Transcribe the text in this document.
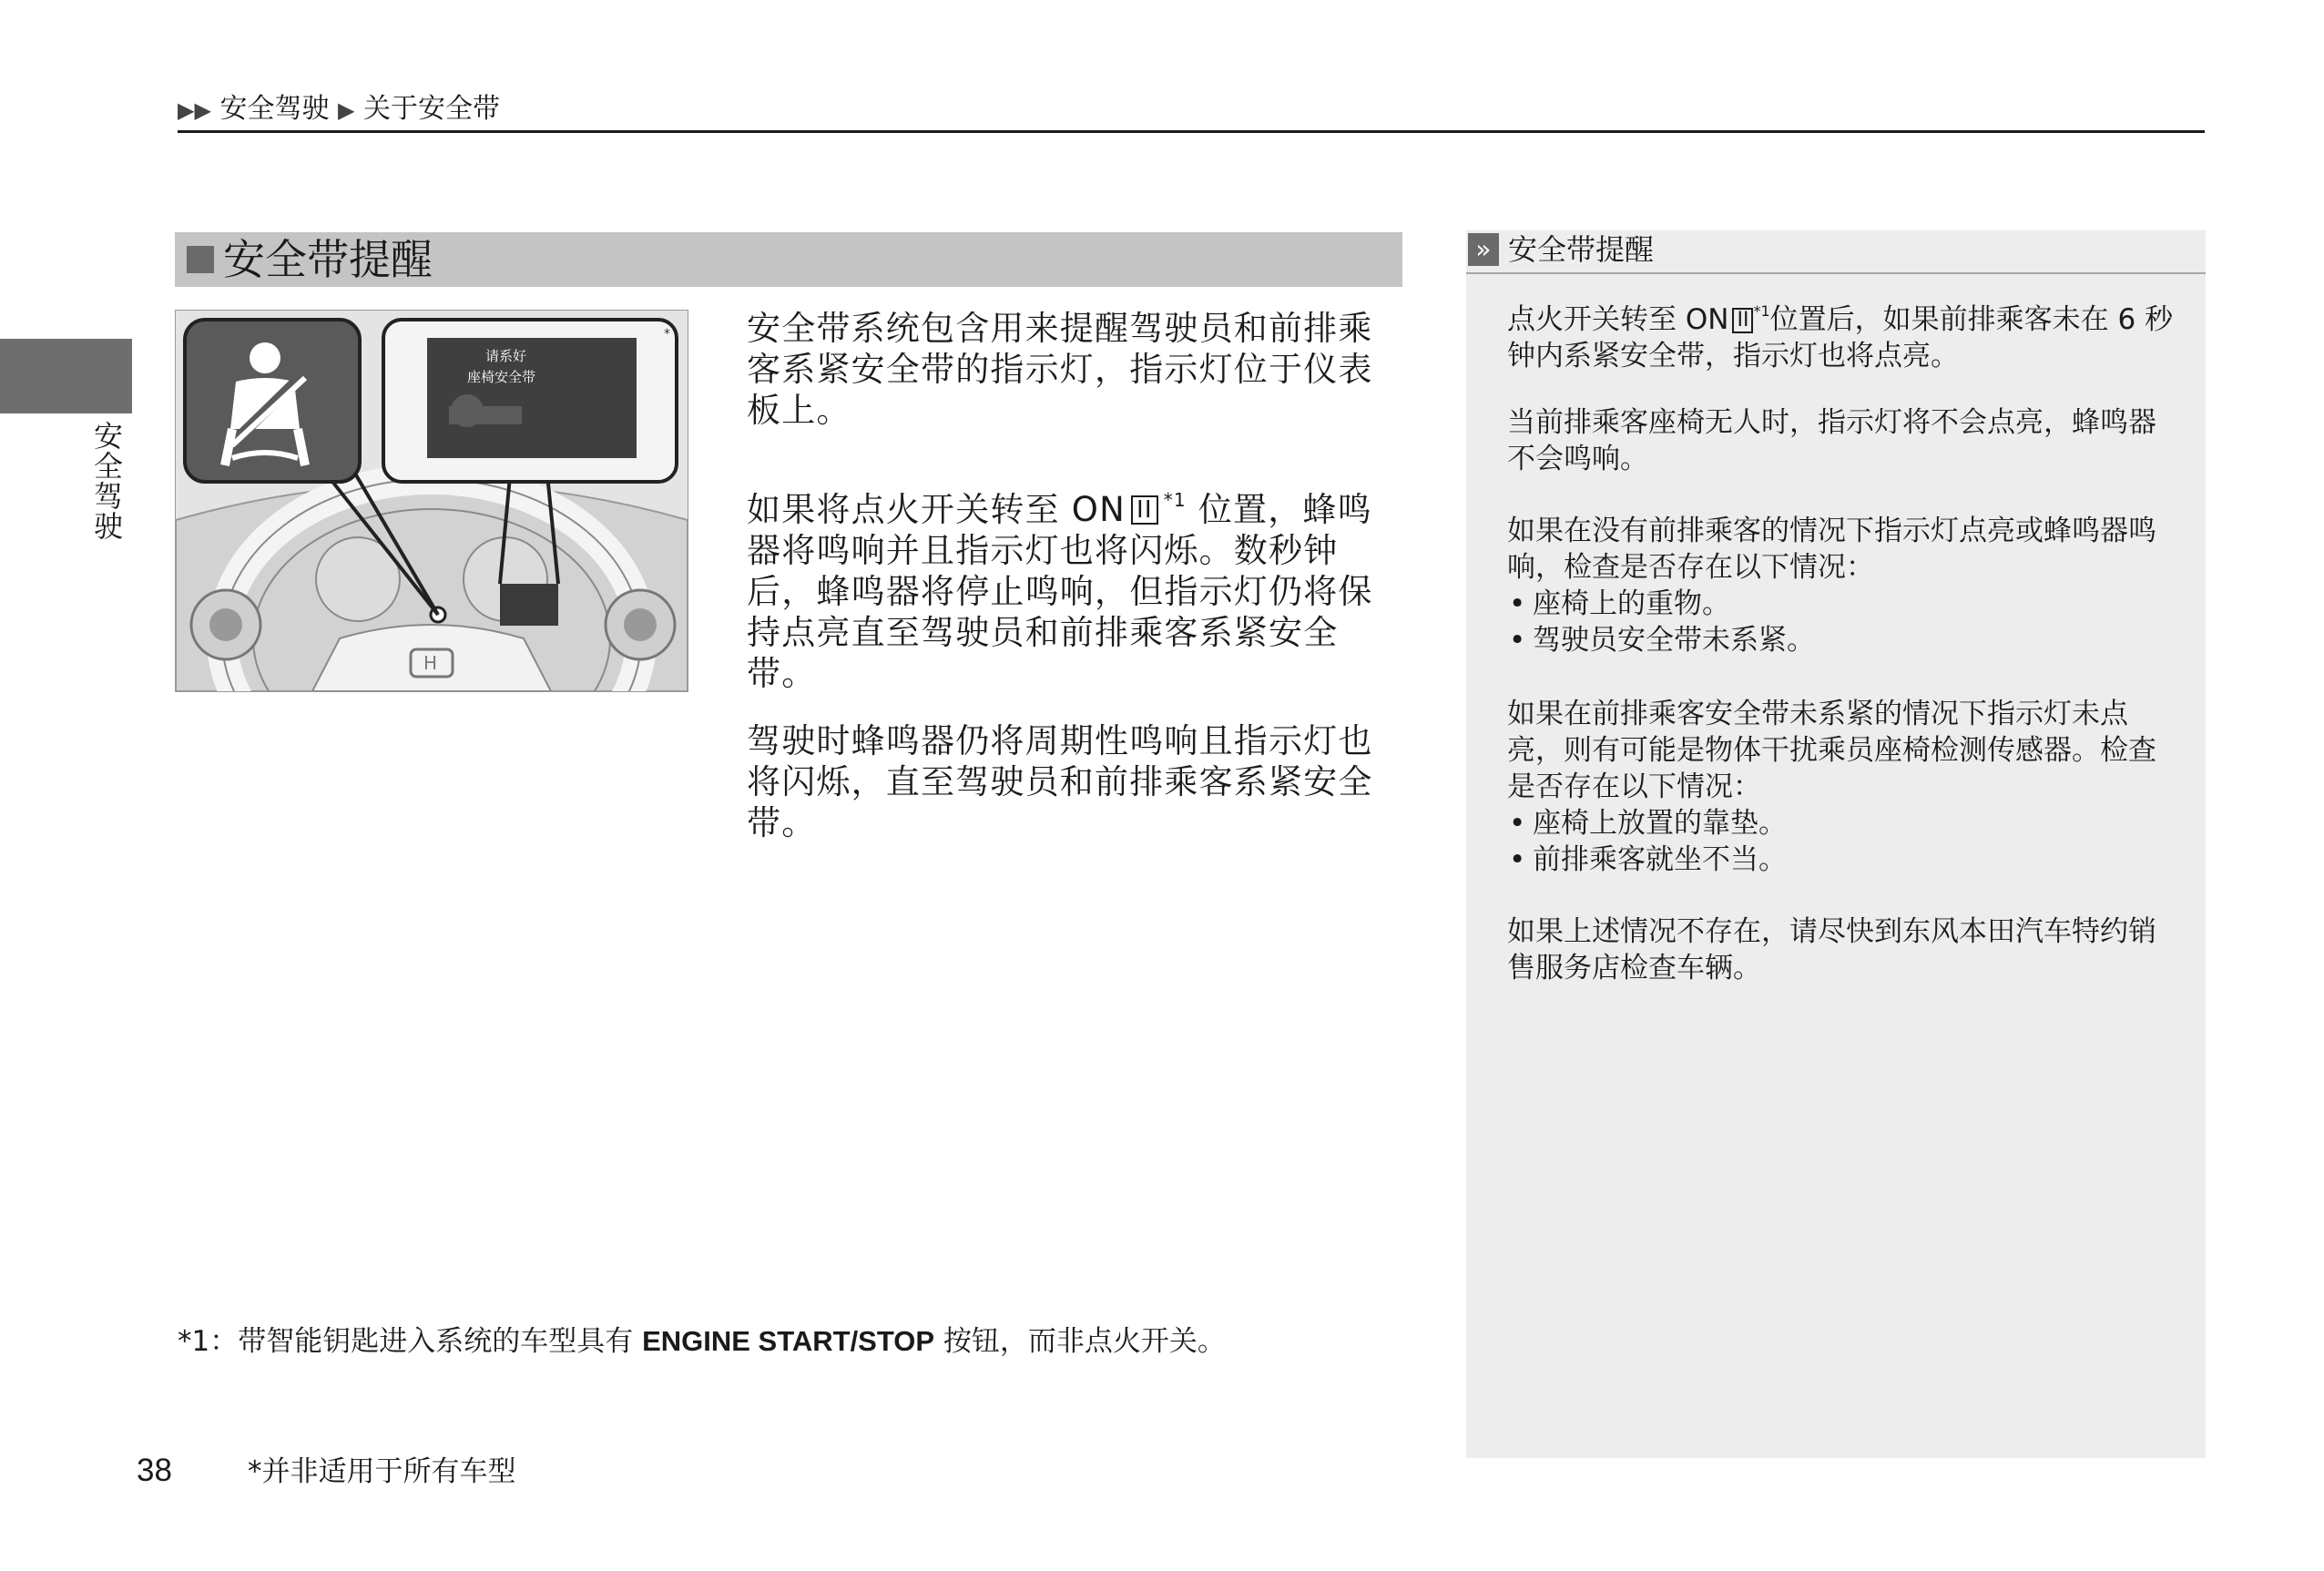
▶▶ 安全驾驶 ▶ 关于安全带
安全驾驶
安全带提醒
H
请系好
座椅安全带
* 安全带系统包含用来提醒驾驶员和前排乘客系紧安全带的指示灯，指示灯位于仪表板上。
如果将点火开关转至 ON II $^{*1}$ 位置，蜂鸣器将鸣响并且指示灯也将闪烁。数秒钟后，蜂鸣器将停止鸣响，但指示灯仍将保持点亮直至驾驶员和前排乘客系紧安全带。
驾驶时蜂鸣器仍将周期性鸣响且指示灯也将闪烁，直至驾驶员和前排乘客系紧安全带。
» 安全带提醒
点火开关转至 ON II $^{*1}$位置后，如果前排乘客未在 6 秒钟内系紧安全带，指示灯也将点亮。
当前排乘客座椅无人时，指示灯将不会点亮，蜂鸣器不会鸣响。
如果在没有前排乘客的情况下指示灯点亮或蜂鸣器鸣响，检查是否存在以下情况：
• 座椅上的重物。
• 驾驶员安全带未系紧。
如果在前排乘客安全带未系紧的情况下指示灯未点亮，则有可能是物体干扰乘员座椅检测传感器。检查是否存在以下情况：
• 座椅上放置的靠垫。
• 前排乘客就坐不当。
如果上述情况不存在，请尽快到东风本田汽车特约销售服务店检查车辆。
*1：带智能钥匙进入系统的车型具有 ENGINE START/STOP 按钮，而非点火开关。
38	*并非适用于所有车型
